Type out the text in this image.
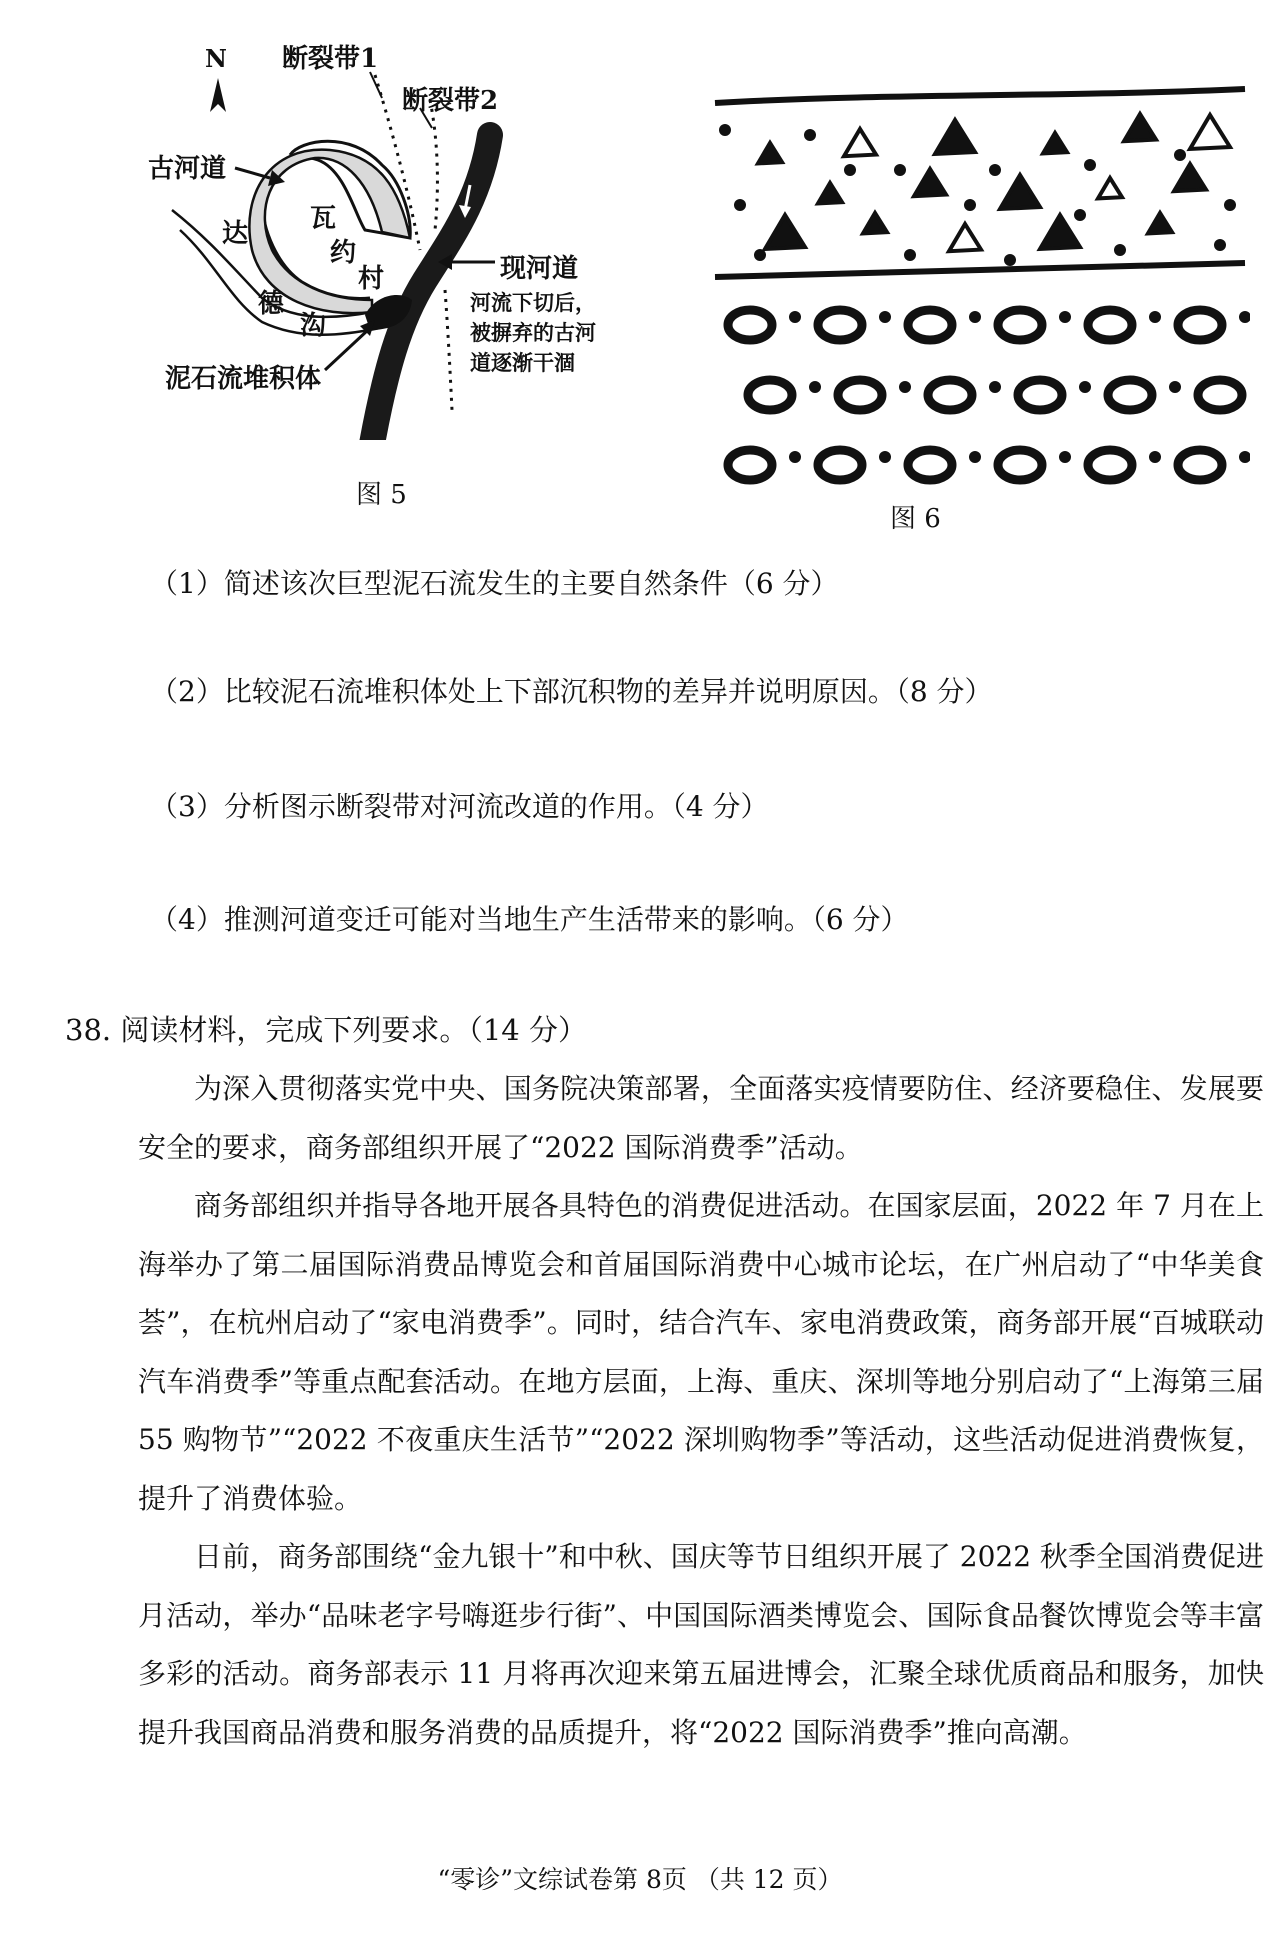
N 断裂带1
断裂带2
古河道
瓦
约
村
达
德
沟
现河道
河流下切后，
被摒弃的古河
道逐渐干涸
泥石流堆积体
图 5
图 6
（1）简述该次巨型泥石流发生的主要自然条件（6 分）
（2）比较泥石流堆积体处上下部沉积物的差异并说明原因。（8 分）
（3）分析图示断裂带对河流改道的作用。（4 分）
（4）推测河道变迁可能对当地生产生活带来的影响。（6 分）
38. 阅读材料，完成下列要求。（14 分）

为深入贯彻落实党中央、国务院决策部署，全面落实疫情要防住、经济要稳住、发展要安全的要求，商务部组织开展了“2022 国际消费季”活动。

商务部组织并指导各地开展各具特色的消费促进活动。在国家层面，2022 年 7 月在上海举办了第二届国际消费品博览会和首届国际消费中心城市论坛，在广州启动了“中华美食荟”，在杭州启动了“家电消费季”。同时，结合汽车、家电消费政策，商务部开展“百城联动汽车消费季”等重点配套活动。在地方层面，上海、重庆、深圳等地分别启动了“上海第三届 55 购物节”“2022 不夜重庆生活节”“2022 深圳购物季”等活动，这些活动促进消费恢复，提升了消费体验。

日前，商务部围绕“金九银十”和中秋、国庆等节日组织开展了 2022 秋季全国消费促进月活动，举办“品味老字号嗨逛步行街”、中国国际酒类博览会、国际食品餐饮博览会等丰富多彩的活动。商务部表示 11 月将再次迎来第五届进博会，汇聚全球优质商品和服务，加快提升我国商品消费和服务消费的品质提升，将“2022 国际消费季”推向高潮。

“零诊”文综试卷第 8页 （共 12 页）
